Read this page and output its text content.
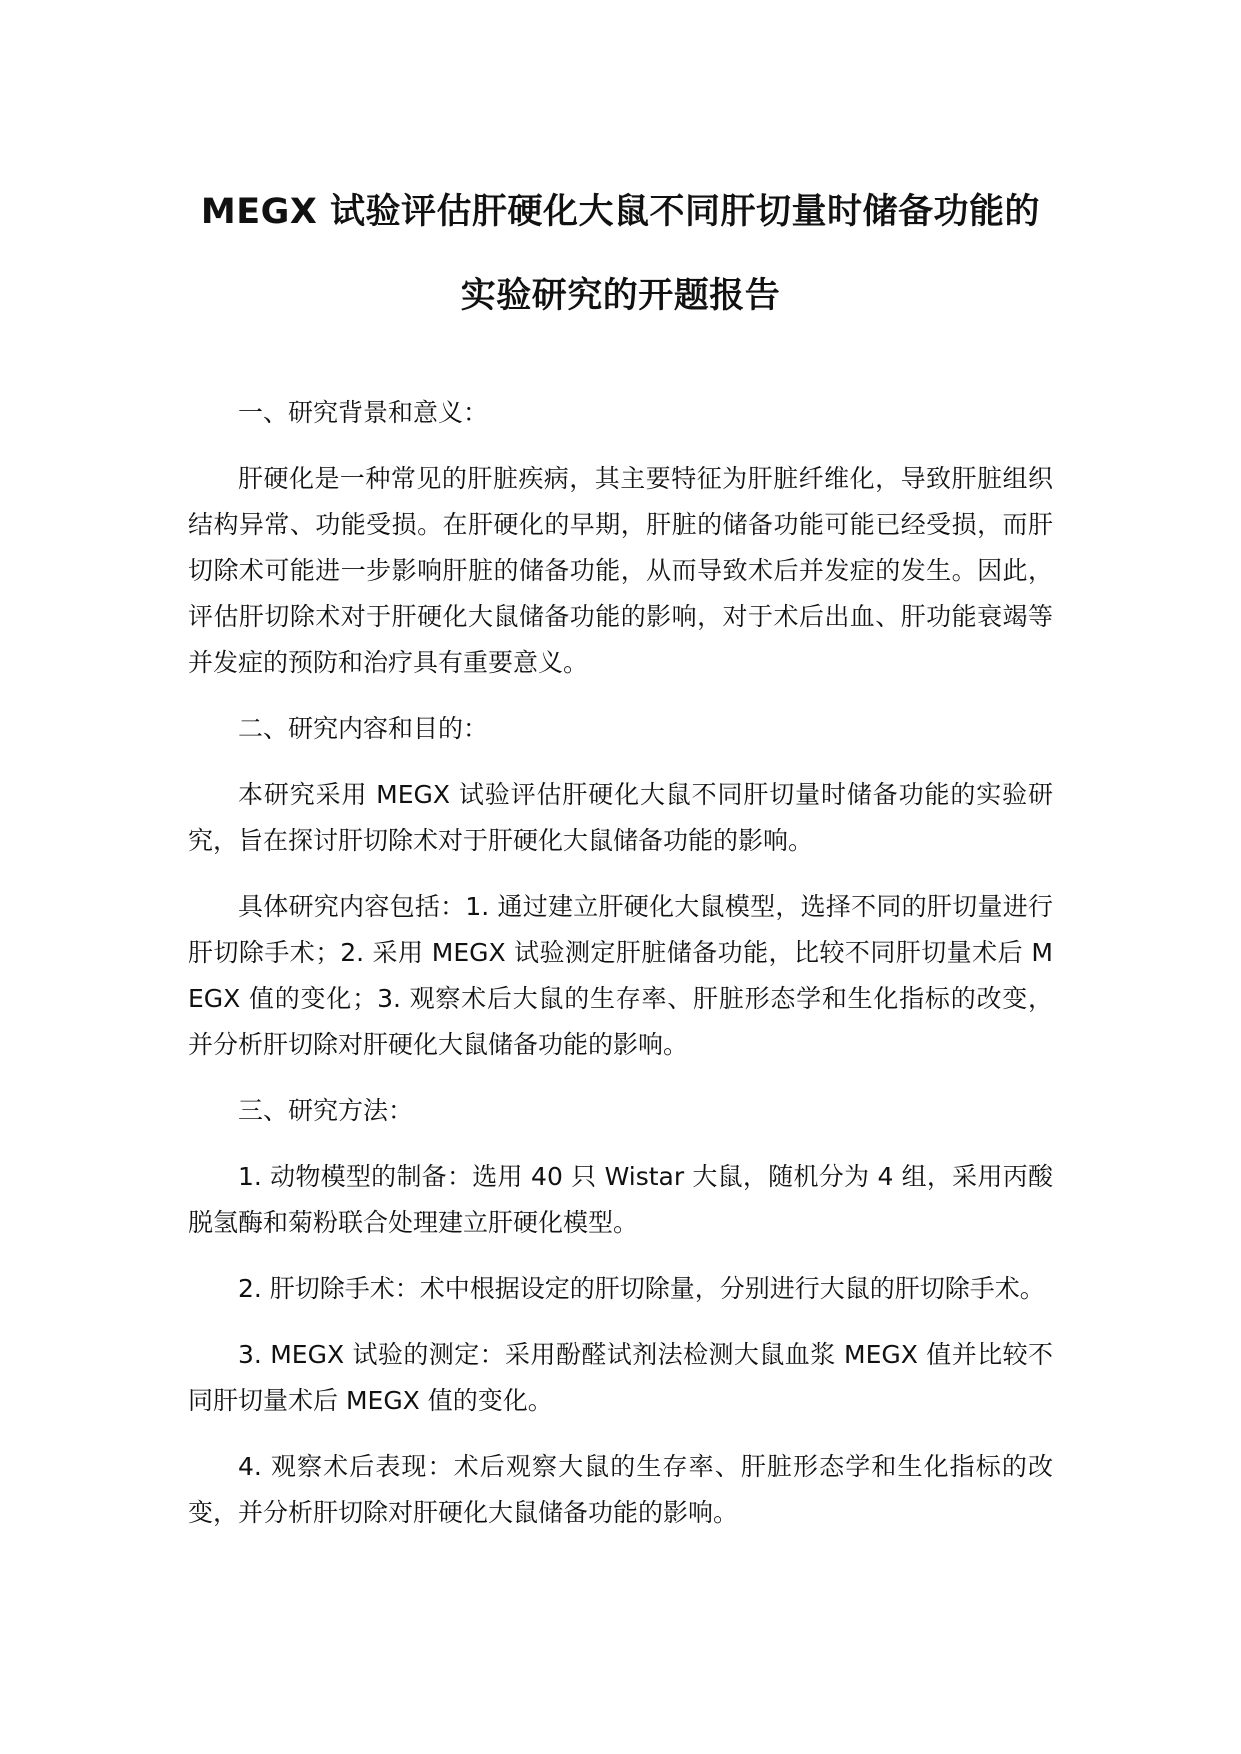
MEGX 试验评估肝硬化大鼠不同肝切量时储备功能的实验研究的开题报告

一、研究背景和意义：

肝硬化是一种常见的肝脏疾病，其主要特征为肝脏纤维化，导致肝脏组织结构异常、功能受损。在肝硬化的早期，肝脏的储备功能可能已经受损，而肝切除术可能进一步影响肝脏的储备功能，从而导致术后并发症的发生。因此，评估肝切除术对于肝硬化大鼠储备功能的影响，对于术后出血、肝功能衰竭等并发症的预防和治疗具有重要意义。

二、研究内容和目的：

本研究采用 MEGX 试验评估肝硬化大鼠不同肝切量时储备功能的实验研究，旨在探讨肝切除术对于肝硬化大鼠储备功能的影响。

具体研究内容包括：1. 通过建立肝硬化大鼠模型，选择不同的肝切量进行肝切除手术；2. 采用 MEGX 试验测定肝脏储备功能，比较不同肝切量术后 MEGX 值的变化；3. 观察术后大鼠的生存率、肝脏形态学和生化指标的改变，并分析肝切除对肝硬化大鼠储备功能的影响。

三、研究方法：

1. 动物模型的制备：选用 40 只 Wistar 大鼠，随机分为 4 组，采用丙酸脱氢酶和菊粉联合处理建立肝硬化模型。

2. 肝切除手术：术中根据设定的肝切除量，分别进行大鼠的肝切除手术。

3. MEGX 试验的测定：采用酚醛试剂法检测大鼠血浆 MEGX 值并比较不同肝切量术后 MEGX 值的变化。

4. 观察术后表现：术后观察大鼠的生存率、肝脏形态学和生化指标的改变，并分析肝切除对肝硬化大鼠储备功能的影响。
